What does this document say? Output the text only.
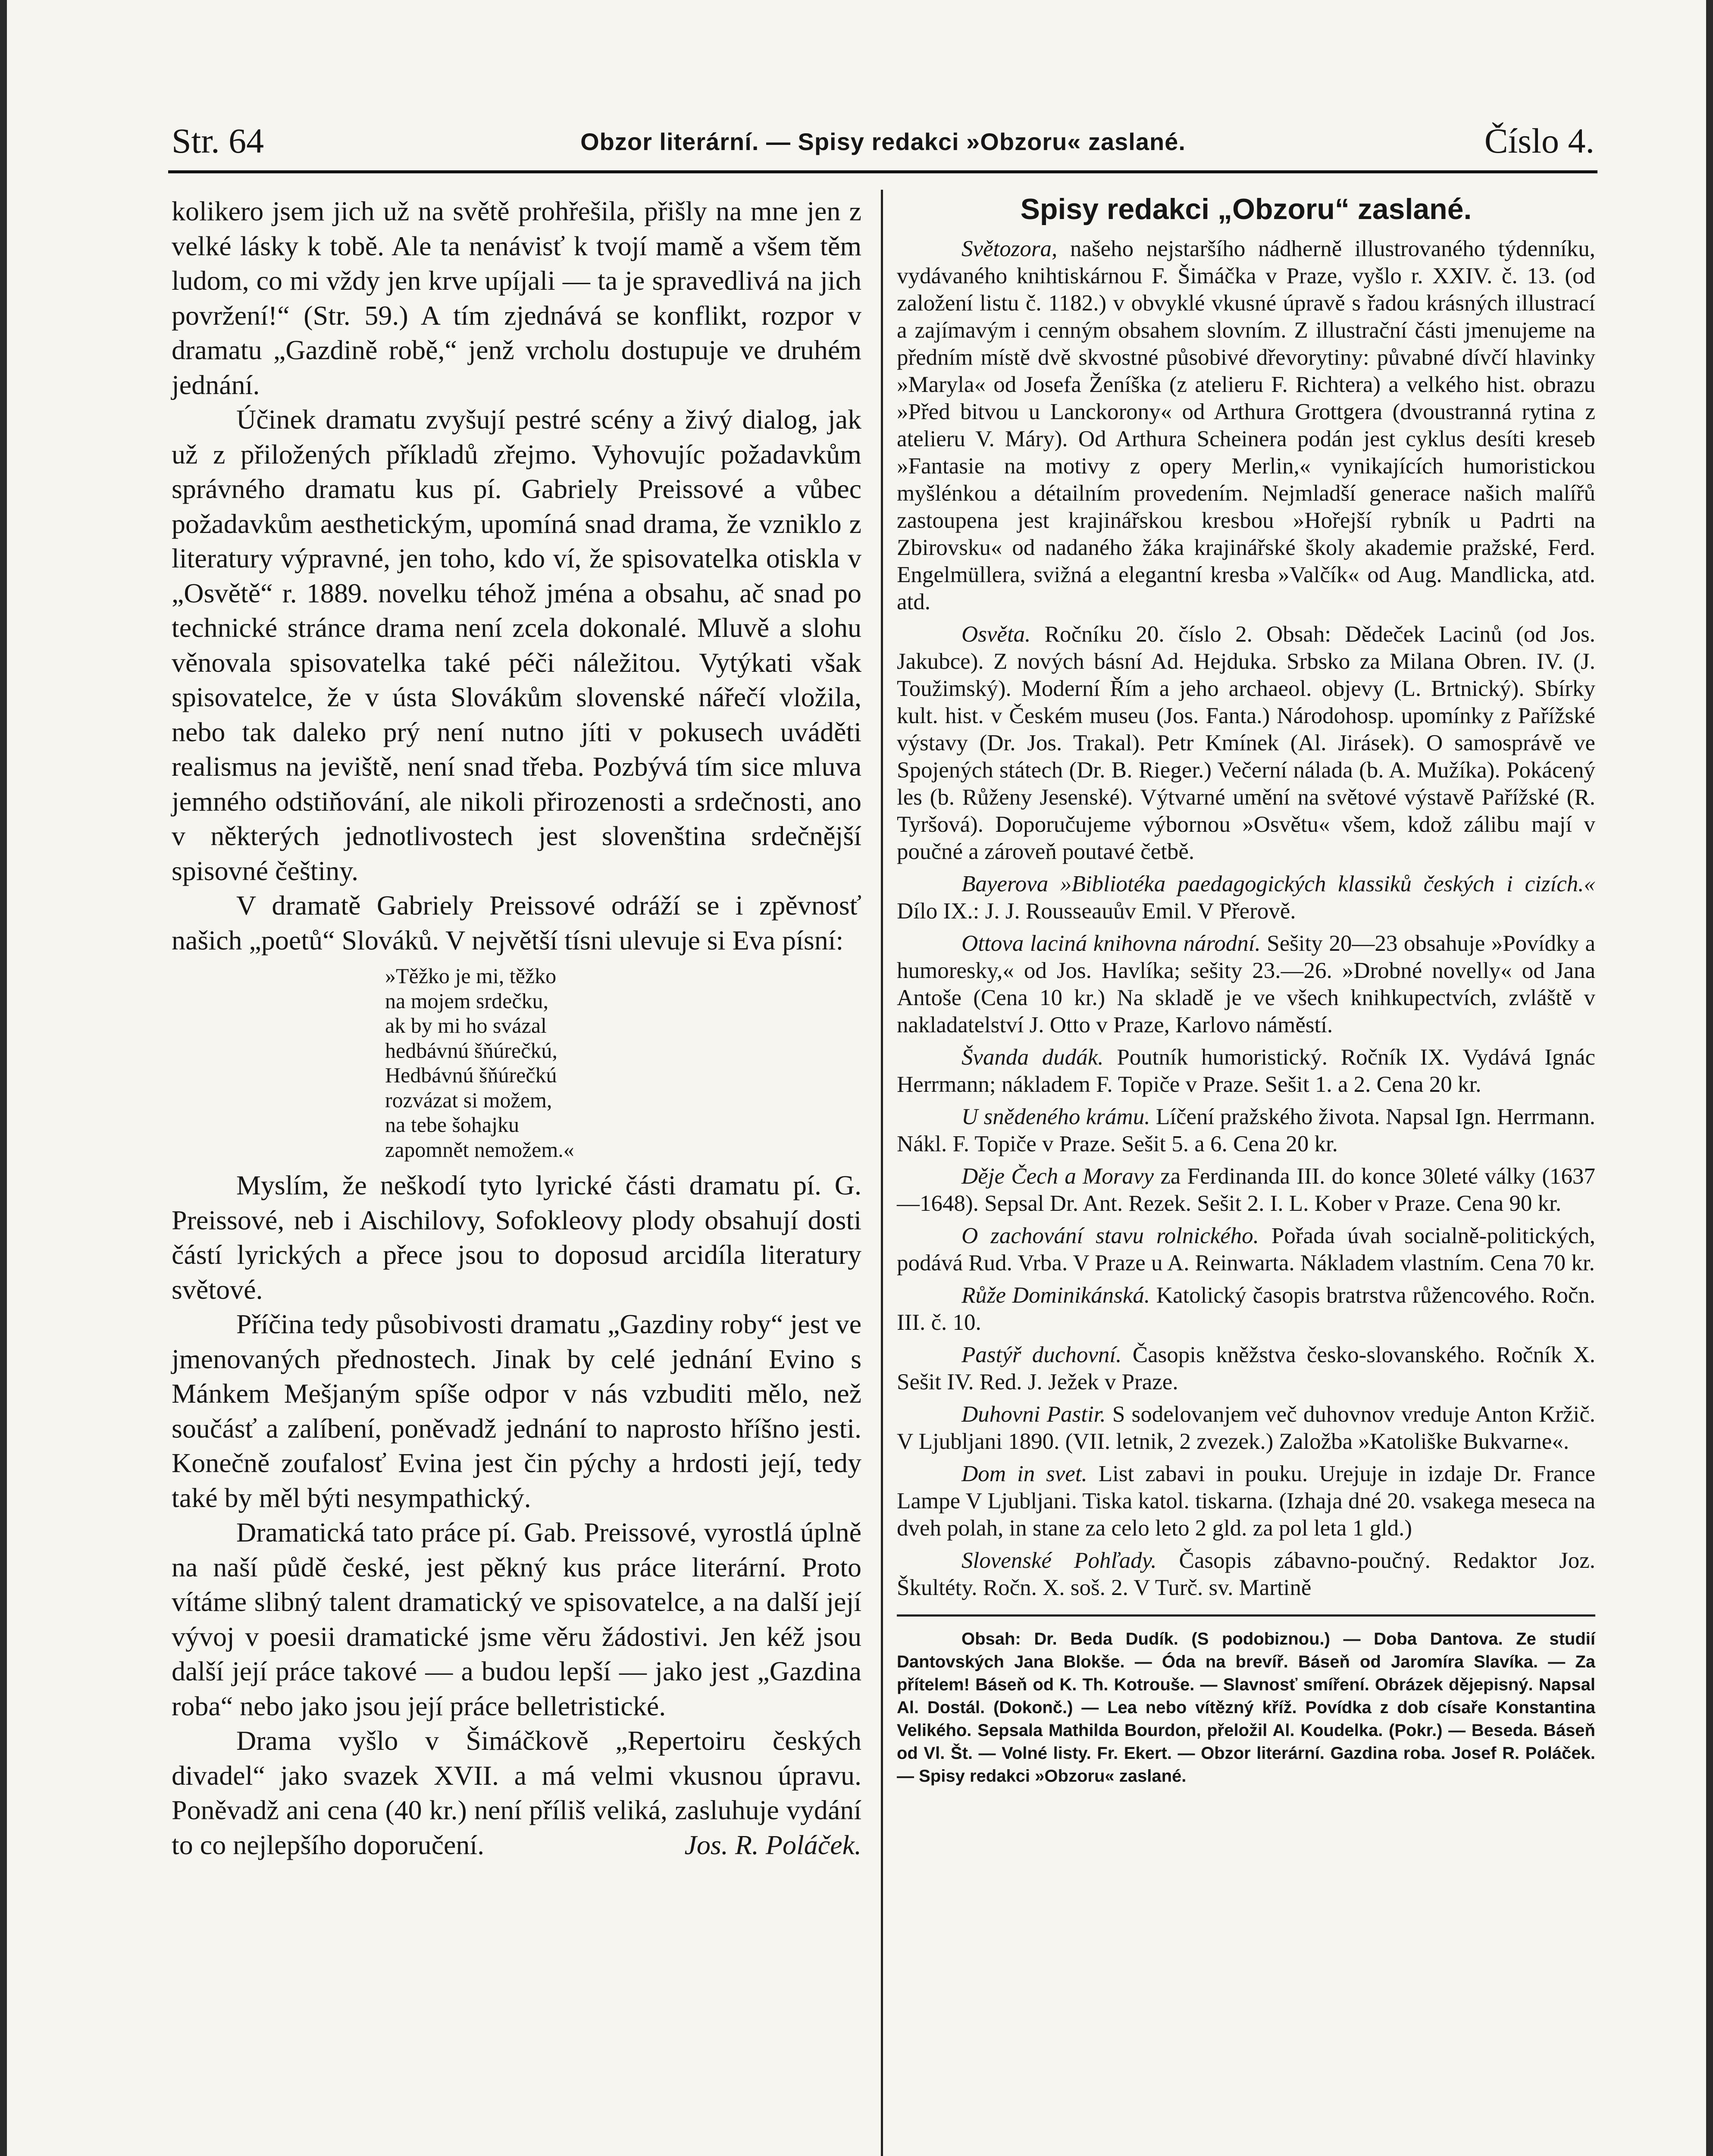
Str. 64	Obzor literární. — Spisy redakci »Obzoru« zaslané.	Číslo 4.

kolikero jsem jich už na světě prohřešila, přišly na mne jen z velké lásky k tobě. Ale ta nenávisť k tvojí mamě a všem těm ludom, co mi vždy jen krve upíjali — ta je spravedlivá na jich povržení!“ (Str. 59.) A tím zjednává se konflikt, rozpor v dramatu „Gazdině robě,“ jenž vrcholu dostupuje ve druhém jednání.

Účinek dramatu zvyšují pestré scény a živý dialog, jak už z přiložených příkladů zřejmo. Vyhovujíc požadavkům správného dramatu kus pí. Gabriely Preissové a vůbec požadavkům aesthetickým, upomíná snad drama, že vzniklo z literatury výpravné, jen toho, kdo ví, že spisovatelka otiskla v „Osvětě“ r. 1889. novelku téhož jména a obsahu, ač snad po technické stránce drama není zcela dokonalé. Mluvě a slohu věnovala spisovatelka také péči náležitou. Vytýkati však spisovatelce, že v ústa Slovákům slovenské nářečí vložila, nebo tak daleko prý není nutno jíti v pokusech uváděti realismus na jeviště, není snad třeba. Pozbývá tím sice mluva jemného odstiňování, ale nikoli přirozenosti a srdečnosti, ano v některých jednotlivostech jest slovenština srdečnější spisovné češtiny.

V dramatě Gabriely Preissové odráží se i zpěvnosť našich „poetů“ Slováků. V největší tísni ulevuje si Eva písní:

»Těžko je mi, těžko
na mojem srdečku,
ak by mi ho svázal
hedbávnú šňúrečkú,
Hedbávnú šňúrečkú
rozvázat si možem,
na tebe šohajku
zapomnět nemožem.«

Myslím, že neškodí tyto lyrické části dramatu pí. G. Preissové, neb i Aischilovy, Sofokleovy plody obsahují dosti částí lyrických a přece jsou to doposud arcidíla literatury světové.

Příčina tedy působivosti dramatu „Gazdiny roby“ jest ve jmenovaných přednostech. Jinak by celé jednání Evino s Mánkem Mešjaným spíše odpor v nás vzbuditi mělo, než součásť a zalíbení, poněvadž jednání to naprosto hříšno jesti. Konečně zoufalosť Evina jest čin pýchy a hrdosti její, tedy také by měl býti nesympathický.

Dramatická tato práce pí. Gab. Preissové, vyrostlá úplně na naší půdě české, jest pěkný kus práce literární. Proto vítáme slibný talent dramatický ve spisovatelce, a na další její vývoj v poesii dramatické jsme věru žádostivi. Jen kéž jsou další její práce takové — a budou lepší — jako jest „Gazdina roba“ nebo jako jsou její práce belletristické.

Drama vyšlo v Šimáčkově „Repertoiru českých divadel“ jako svazek XVII. a má velmi vkusnou úpravu. Poněvadž ani cena (40 kr.) není příliš veliká, zasluhuje vydání to co nejlepšího doporučení.	Jos. R. Poláček.

Spisy redakci „Obzoru“ zaslané.

Světozora, našeho nejstaršího nádherně illustrovaného týdenníku, vydávaného knihtiskárnou F. Šimáčka v Praze, vyšlo r. XXIV. č. 13. (od založení listu č. 1182.) v obvyklé vkusné úpravě s řadou krásných illustrací a zajímavým i cenným obsahem slovním. Z illustrační části jmenujeme na předním místě dvě skvostné působivé dřevorytiny: půvabné dívčí hlavinky »Maryla« od Josefa Ženíška (z atelieru F. Richtera) a velkého hist. obrazu »Před bitvou u Lanckorony« od Arthura Grottgera (dvoustranná rytina z atelieru V. Máry). Od Arthura Scheinera podán jest cyklus desíti kreseb »Fantasie na motivy z opery Merlin,« vynikajících humoristickou myšlénkou a détailním provedením. Nejmladší generace našich malířů zastoupena jest krajinářskou kresbou »Hořejší rybník u Padrti na Zbirovsku« od nadaného žáka krajinářské školy akademie pražské, Ferd. Engelmüllera, svižná a elegantní kresba »Valčík« od Aug. Mandlicka, atd. atd.

Osvěta. Ročníku 20. číslo 2. Obsah: Dědeček Lacinů (od Jos. Jakubce). Z nových básní Ad. Hejduka. Srbsko za Milana Obren. IV. (J. Toužimský). Moderní Řím a jeho archaeol. objevy (L. Brtnický). Sbírky kult. hist. v Českém museu (Jos. Fanta.) Národohosp. upomínky z Pařížské výstavy (Dr. Jos. Trakal). Petr Kmínek (Al. Jirásek). O samosprávě ve Spojených státech (Dr. B. Rieger.) Večerní nálada (b. A. Mužíka). Pokácený les (b. Růženy Jesenské). Výtvarné umění na světové výstavě Pařížské (R. Tyršová). Doporučujeme výbornou »Osvětu« všem, kdož zálibu mají v poučné a zároveň poutavé četbě.

Bayerova »Bibliotéka paedagogických klassiků českých i cizích.« Dílo IX.: J. J. Rousseauův Emil. V Přerově.

Ottova laciná knihovna národní. Sešity 20—23 obsahuje »Povídky a humoresky,« od Jos. Havlíka; sešity 23.—26. »Drobné novelly« od Jana Antoše (Cena 10 kr.) Na skladě je ve všech knihkupectvích, zvláště v nakladatelství J. Otto v Praze, Karlovo náměstí.

Švanda dudák. Poutník humoristický. Ročník IX. Vydává Ignác Herrmann; nákladem F. Topiče v Praze. Sešit 1. a 2. Cena 20 kr.

U snědeného krámu. Líčení pražského života. Napsal Ign. Herrmann. Nákl. F. Topiče v Praze. Sešit 5. a 6. Cena 20 kr.

Děje Čech a Moravy za Ferdinanda III. do konce 30leté války (1637—1648). Sepsal Dr. Ant. Rezek. Sešit 2. I. L. Kober v Praze. Cena 90 kr.

O zachování stavu rolnického. Pořada úvah socialně-politických, podává Rud. Vrba. V Praze u A. Reinwarta. Nákladem vlastním. Cena 70 kr.

Růže Dominikánská. Katolický časopis bratrstva růžencového. Ročn. III. č. 10.

Pastýř duchovní. Časopis kněžstva česko-slovanského. Ročník X. Sešit IV. Red. J. Ježek v Praze.

Duhovni Pastir. S sodelovanjem več duhovnov vreduje Anton Kržič. V Ljubljani 1890. (VII. letnik, 2 zvezek.) Založba »Katoliške Bukvarne«.

Dom in svet. List zabavi in pouku. Urejuje in izdaje Dr. France Lampe V Ljubljani. Tiska katol. tiskarna. (Izhaja dné 20. vsakega meseca na dveh polah, in stane za celo leto 2 gld. za pol leta 1 gld.)

Slovenské Pohľady. Časopis zábavno-poučný. Redaktor Joz. Škultéty. Ročn. X. soš. 2. V Turč. sv. Martině

Obsah: Dr. Beda Dudík. (S podobiznou.) — Doba Dantova. Ze studií Dantovských Jana Blokše. — Óda na brevíř. Báseň od Jaromíra Slavíka. — Za přítelem! Báseň od K. Th. Kotrouše. — Slavnosť smíření. Obrázek dějepisný. Napsal Al. Dostál. (Dokonč.) — Lea nebo vítězný kříž. Povídka z dob císaře Konstantina Velikého. Sepsala Mathilda Bourdon, přeložil Al. Koudelka. (Pokr.) — Beseda. Báseň od Vl. Št. — Volné listy. Fr. Ekert. — Obzor literární. Gazdina roba. Josef R. Poláček. — Spisy redakci »Obzoru« zaslané.
